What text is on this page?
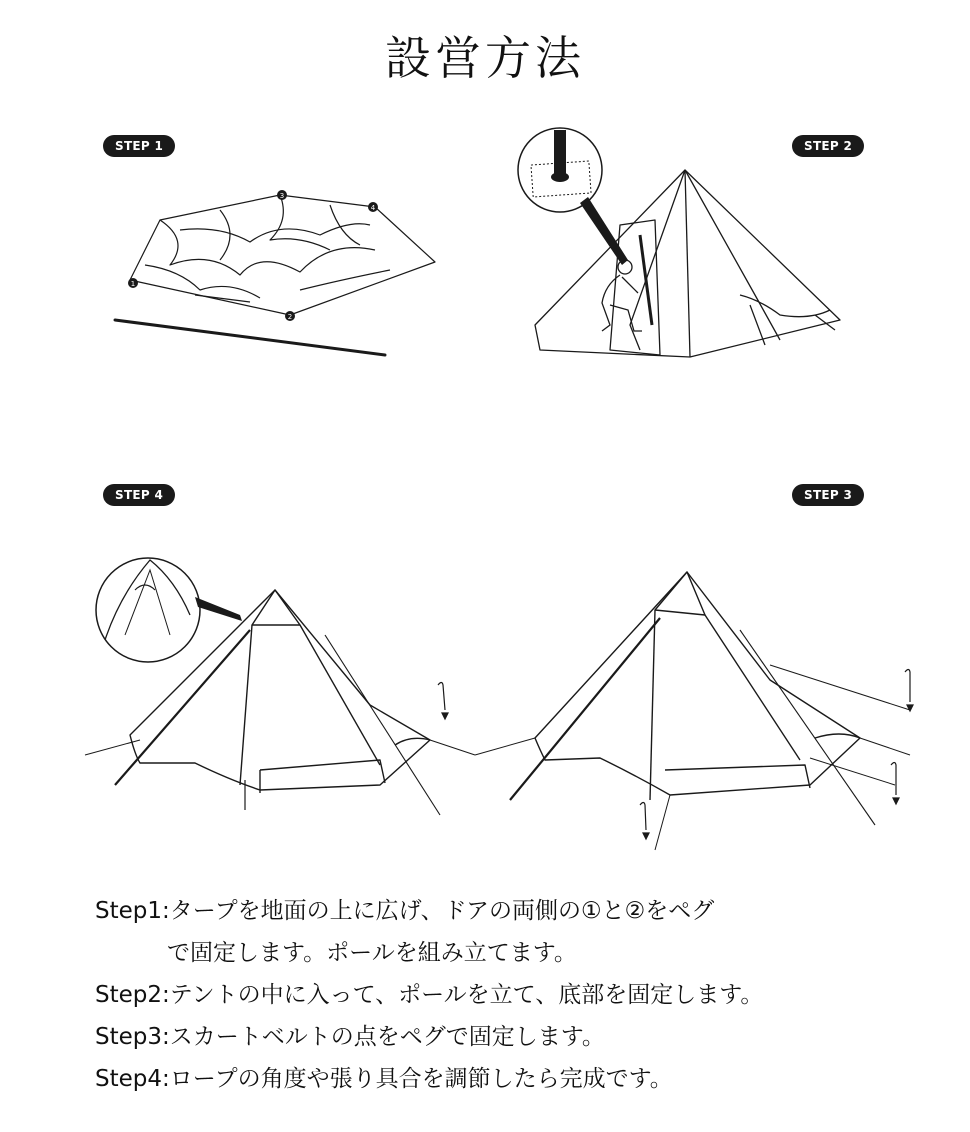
設営方法
STEP 1	STEP 2
STEP 4	STEP 3
1
2
3
4
Step1:タープを地面の上に広げ、ドアの両側の①と②をペグ
で固定します。ポールを組み立てます。
Step2:テントの中に入って、ポールを立て、底部を固定します。
Step3:スカートベルトの点をペグで固定します。
Step4:ロープの角度や張り具合を調節したら完成です。
